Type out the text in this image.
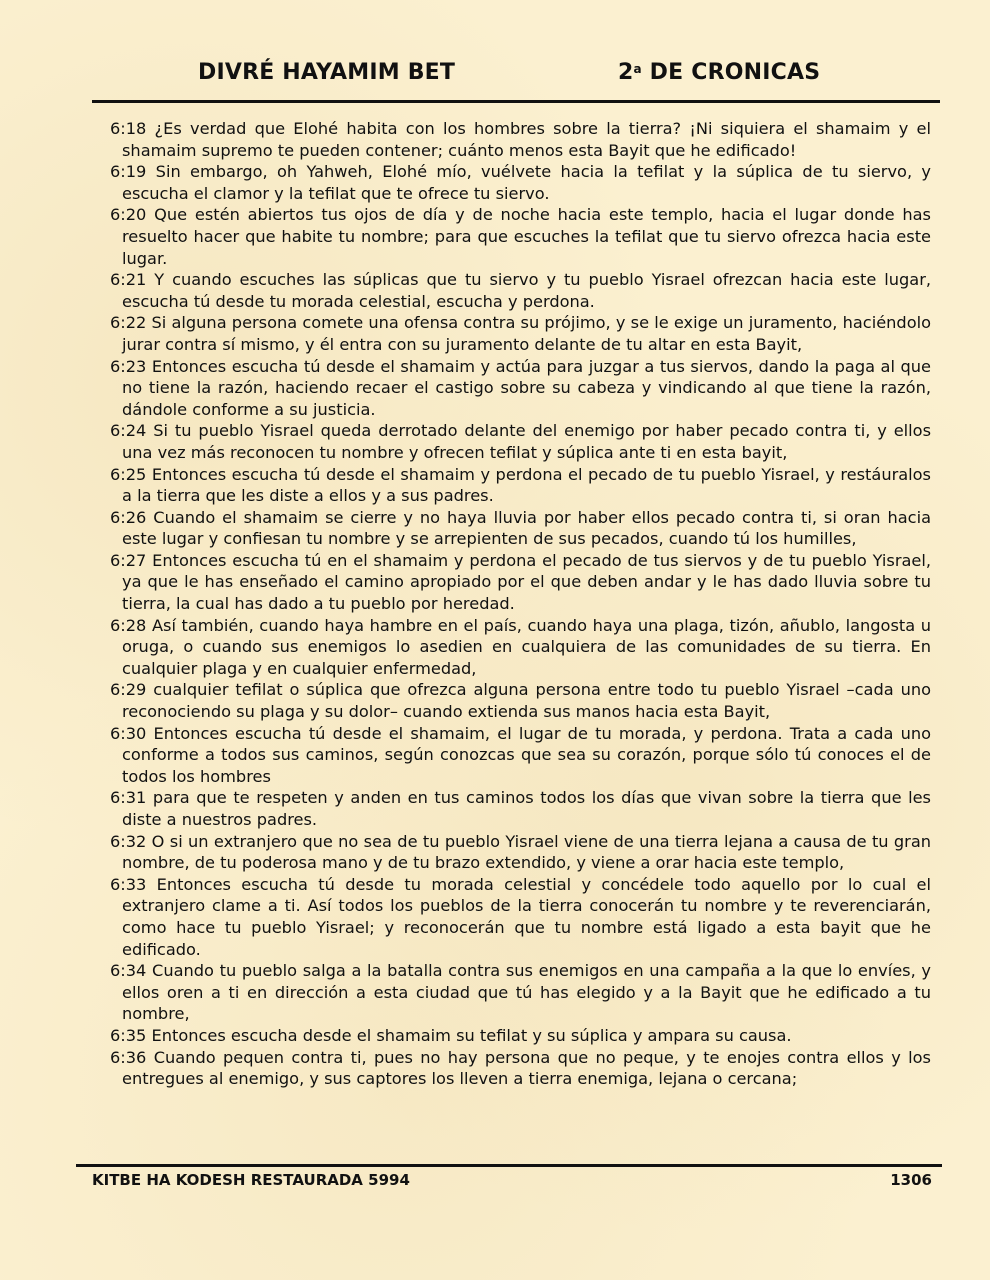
DIVRÉ HAYAMIM BET	2$^a$ DE CRONICAS

6:18 ¿Es verdad que Elohé habita con los hombres sobre la tierra? ¡Ni siquiera el shamaim y el shamaim supremo te pueden contener; cuánto menos esta Bayit que he edificado!

6:19 Sin embargo, oh Yahweh, Elohé mío, vuélvete hacia la tefilat y la súplica de tu siervo, y escucha el clamor y la tefilat que te ofrece tu siervo.

6:20 Que estén abiertos tus ojos de día y de noche hacia este templo, hacia el lugar donde has resuelto hacer que habite tu nombre; para que escuches la tefilat que tu siervo ofrezca hacia este lugar.

6:21 Y cuando escuches las súplicas que tu siervo y tu pueblo Yisrael ofrezcan hacia este lugar, escucha tú desde tu morada celestial, escucha y perdona.

6:22 Si alguna persona comete una ofensa contra su prójimo, y se le exige un juramento, haciéndolo jurar contra sí mismo, y él entra con su juramento delante de tu altar en esta Bayit,

6:23 Entonces escucha tú desde el shamaim y actúa para juzgar a tus siervos, dando la paga al que no tiene la razón, haciendo recaer el castigo sobre su cabeza y vindicando al que tiene la razón, dándole conforme a su justicia.

6:24 Si tu pueblo Yisrael queda derrotado delante del enemigo por haber pecado contra ti, y ellos una vez más reconocen tu nombre y ofrecen tefilat y súplica ante ti en esta bayit,

6:25 Entonces escucha tú desde el shamaim y perdona el pecado de tu pueblo Yisrael, y restáuralos a la tierra que les diste a ellos y a sus padres.

6:26 Cuando el shamaim se cierre y no haya lluvia por haber ellos pecado contra ti, si oran hacia este lugar y confiesan tu nombre y se arrepienten de sus pecados, cuando tú los humilles,

6:27 Entonces escucha tú en el shamaim y perdona el pecado de tus siervos y de tu pueblo Yisrael, ya que le has enseñado el camino apropiado por el que deben andar y le has dado lluvia sobre tu tierra, la cual has dado a tu pueblo por heredad.

6:28 Así también, cuando haya hambre en el país, cuando haya una plaga, tizón, añublo, langosta u oruga, o cuando sus enemigos lo asedien en cualquiera de las comunidades de su tierra. En cualquier plaga y en cualquier enfermedad,

6:29 cualquier tefilat o súplica que ofrezca alguna persona entre todo tu pueblo Yisrael –cada uno reconociendo su plaga y su dolor– cuando extienda sus manos hacia esta Bayit,

6:30 Entonces escucha tú desde el shamaim, el lugar de tu morada, y perdona. Trata a cada uno conforme a todos sus caminos, según conozcas que sea su corazón, porque sólo tú conoces el de todos los hombres

6:31 para que te respeten y anden en tus caminos todos los días que vivan sobre la tierra que les diste a nuestros padres.

6:32 O si un extranjero que no sea de tu pueblo Yisrael viene de una tierra lejana a causa de tu gran nombre, de tu poderosa mano y de tu brazo extendido, y viene a orar hacia este templo,

6:33 Entonces escucha tú desde tu morada celestial y concédele todo aquello por lo cual el extranjero clame a ti. Así todos los pueblos de la tierra conocerán tu nombre y te reverenciarán, como hace tu pueblo Yisrael; y reconocerán que tu nombre está ligado a esta bayit que he edificado.

6:34 Cuando tu pueblo salga a la batalla contra sus enemigos en una campaña a la que lo envíes, y ellos oren a ti en dirección a esta ciudad que tú has elegido y a la Bayit que he edificado a tu nombre,

6:35 Entonces escucha desde el shamaim su tefilat y su súplica y ampara su causa.

6:36 Cuando pequen contra ti, pues no hay persona que no peque, y te enojes contra ellos y los entregues al enemigo, y sus captores los lleven a tierra enemiga, lejana o cercana;

KITBE HA KODESH RESTAURADA 5994	1306
